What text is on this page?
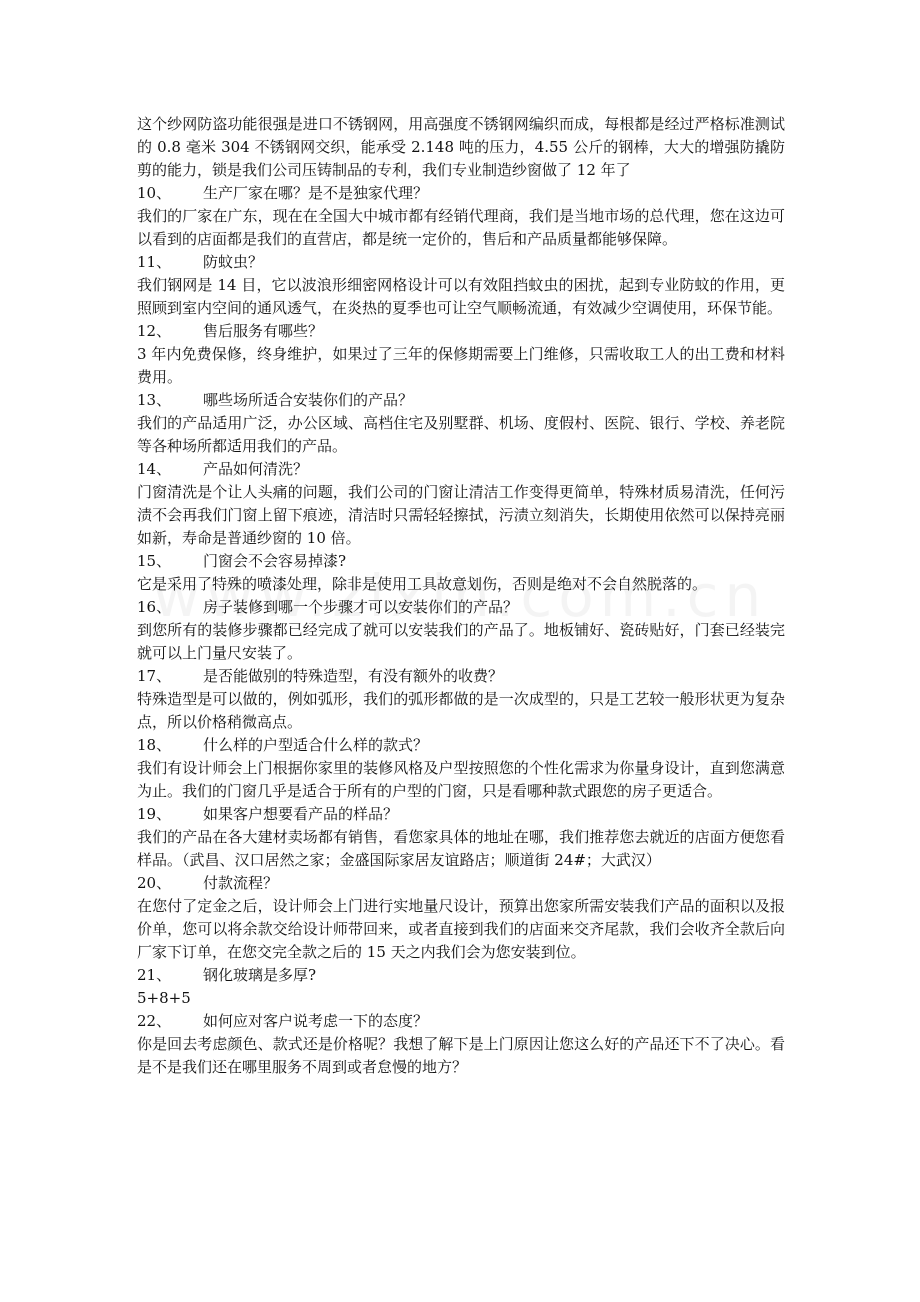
这个纱网防盗功能很强是进口不锈钢网，用高强度不锈钢网编织而成，每根都是经过严格标准测试的 0.8 毫米 304 不锈钢网交织，能承受 2.148 吨的压力，4.55 公斤的钢棒，大大的增强防撬防剪的能力，锁是我们公司压铸制品的专利，我们专业制造纱窗做了 12 年了

10、	生产厂家在哪？是不是独家代理？

我们的厂家在广东，现在在全国大中城市都有经销代理商，我们是当地市场的总代理，您在这边可以看到的店面都是我们的直营店，都是统一定价的，售后和产品质量都能够保障。

11、	防蚊虫？

我们钢网是 14 目，它以波浪形细密网格设计可以有效阻挡蚊虫的困扰，起到专业防蚊的作用，更照顾到室内空间的通风透气，在炎热的夏季也可让空气顺畅流通，有效减少空调使用，环保节能。

12、	售后服务有哪些？

3 年内免费保修，终身维护，如果过了三年的保修期需要上门维修，只需收取工人的出工费和材料费用。

13、	哪些场所适合安装你们的产品？

我们的产品适用广泛，办公区域、高档住宅及别墅群、机场、度假村、医院、银行、学校、养老院等各种场所都适用我们的产品。

14、	产品如何清洗？

门窗清洗是个让人头痛的问题，我们公司的门窗让清洁工作变得更简单，特殊材质易清洗，任何污渍不会再我们门窗上留下痕迹，清洁时只需轻轻擦拭，污渍立刻消失，长期使用依然可以保持亮丽如新，寿命是普通纱窗的 10 倍。

15、	门窗会不会容易掉漆?

它是采用了特殊的喷漆处理，除非是使用工具故意划伤，否则是绝对不会自然脱落的。

16、	房子装修到哪一个步骤才可以安装你们的产品？

到您所有的装修步骤都已经完成了就可以安装我们的产品了。地板铺好、瓷砖贴好，门套已经装完就可以上门量尺安装了。

17、	是否能做别的特殊造型，有没有额外的收费？

特殊造型是可以做的，例如弧形，我们的弧形都做的是一次成型的，只是工艺较一般形状更为复杂点，所以价格稍微高点。

18、	什么样的户型适合什么样的款式？

我们有设计师会上门根据你家里的装修风格及户型按照您的个性化需求为你量身设计，直到您满意为止。我们的门窗几乎是适合于所有的户型的门窗，只是看哪种款式跟您的房子更适合。

19、	如果客户想要看产品的样品？

我们的产品在各大建材卖场都有销售，看您家具体的地址在哪，我们推荐您去就近的店面方便您看样品。（武昌、汉口居然之家；金盛国际家居友谊路店；顺道街 24#；大武汉）

20、	付款流程？

在您付了定金之后，设计师会上门进行实地量尺设计，预算出您家所需安装我们产品的面积以及报价单，您可以将余款交给设计师带回来，或者直接到我们的店面来交齐尾款，我们会收齐全款后向厂家下订单，在您交完全款之后的 15 天之内我们会为您安装到位。

21、	钢化玻璃是多厚?

5+8+5

22、	如何应对客户说考虑一下的态度？

你是回去考虑颜色、款式还是价格呢？我想了解下是上门原因让您这么好的产品还下不了决心。看是不是我们还在哪里服务不周到或者怠慢的地方？
